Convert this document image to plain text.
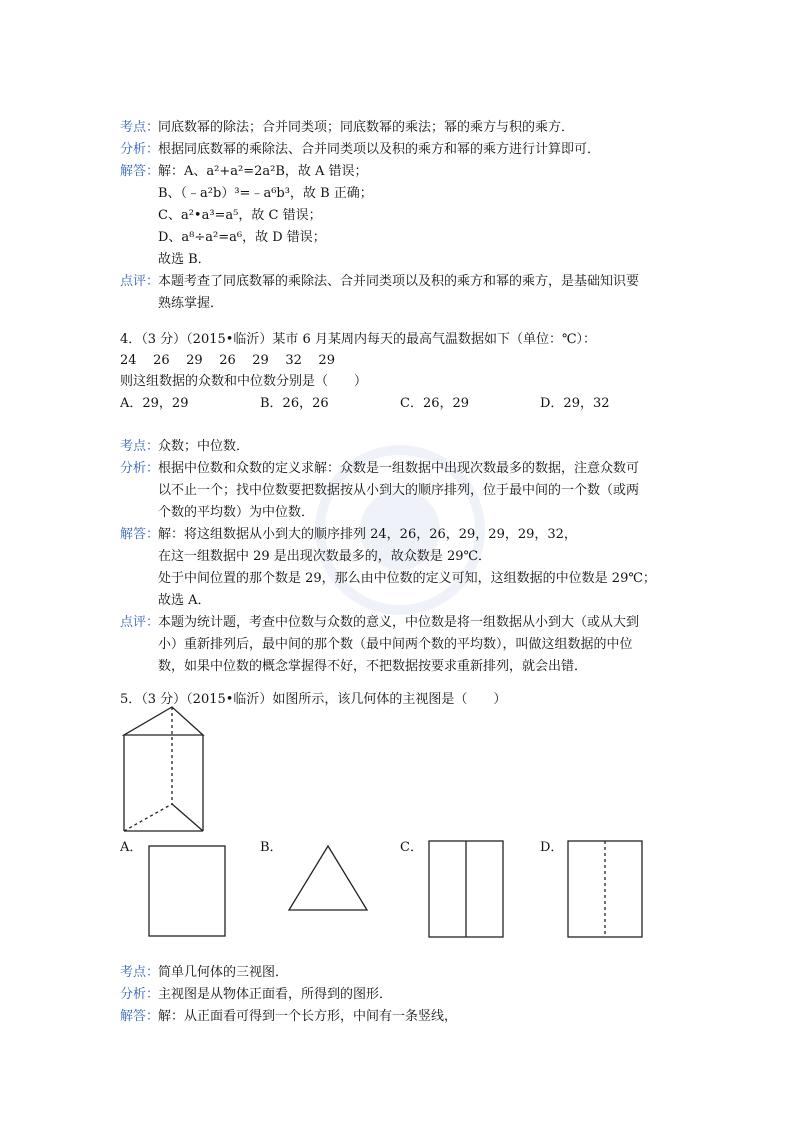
考点：同底数幂的除法；合并同类项；同底数幂的乘法；幂的乘方与积的乘方．
分析：根据同底数幂的乘除法、合并同类项以及积的乘方和幂的乘方进行计算即可．
解答：解：A、a²+a²=2a²B，故 A 错误；
B、（﹣a²b）³=﹣a⁶b³，故 B 正确；
C、a²•a³=a⁵，故 C 错误；
D、a⁸÷a²=a⁶，故 D 错误；
故选 B．
点评：本题考查了同底数幂的乘除法、合并同类项以及积的乘方和幂的乘方，是基础知识要
熟练掌握．
4．（3 分）（2015•临沂）某市 6 月某周内每天的最高气温数据如下（单位：℃）：
24    26    29    26    29    32    29
则这组数据的众数和中位数分别是（　　）
A．29，29	B．26，26	C．26，29	D．29，32
考点：众数；中位数．
分析：根据中位数和众数的定义求解：众数是一组数据中出现次数最多的数据，注意众数可
以不止一个；找中位数要把数据按从小到大的顺序排列，位于最中间的一个数（或两
个数的平均数）为中位数．
解答：解：将这组数据从小到大的顺序排列 24，26，26，29，29，29，32，
在这一组数据中 29 是出现次数最多的，故众数是 29℃．
处于中间位置的那个数是 29，那么由中位数的定义可知，这组数据的中位数是 29℃；
故选 A．
点评：本题为统计题，考查中位数与众数的意义，中位数是将一组数据从小到大（或从大到
小）重新排列后，最中间的那个数（最中间两个数的平均数），叫做这组数据的中位
数，如果中位数的概念掌握得不好，不把数据按要求重新排列，就会出错．
5．（3 分）（2015•临沂）如图所示，该几何体的主视图是（　　）
A．	B．	C．	D．
考点：简单几何体的三视图．
分析：主视图是从物体正面看，所得到的图形．
解答：解：从正面看可得到一个长方形，中间有一条竖线，
